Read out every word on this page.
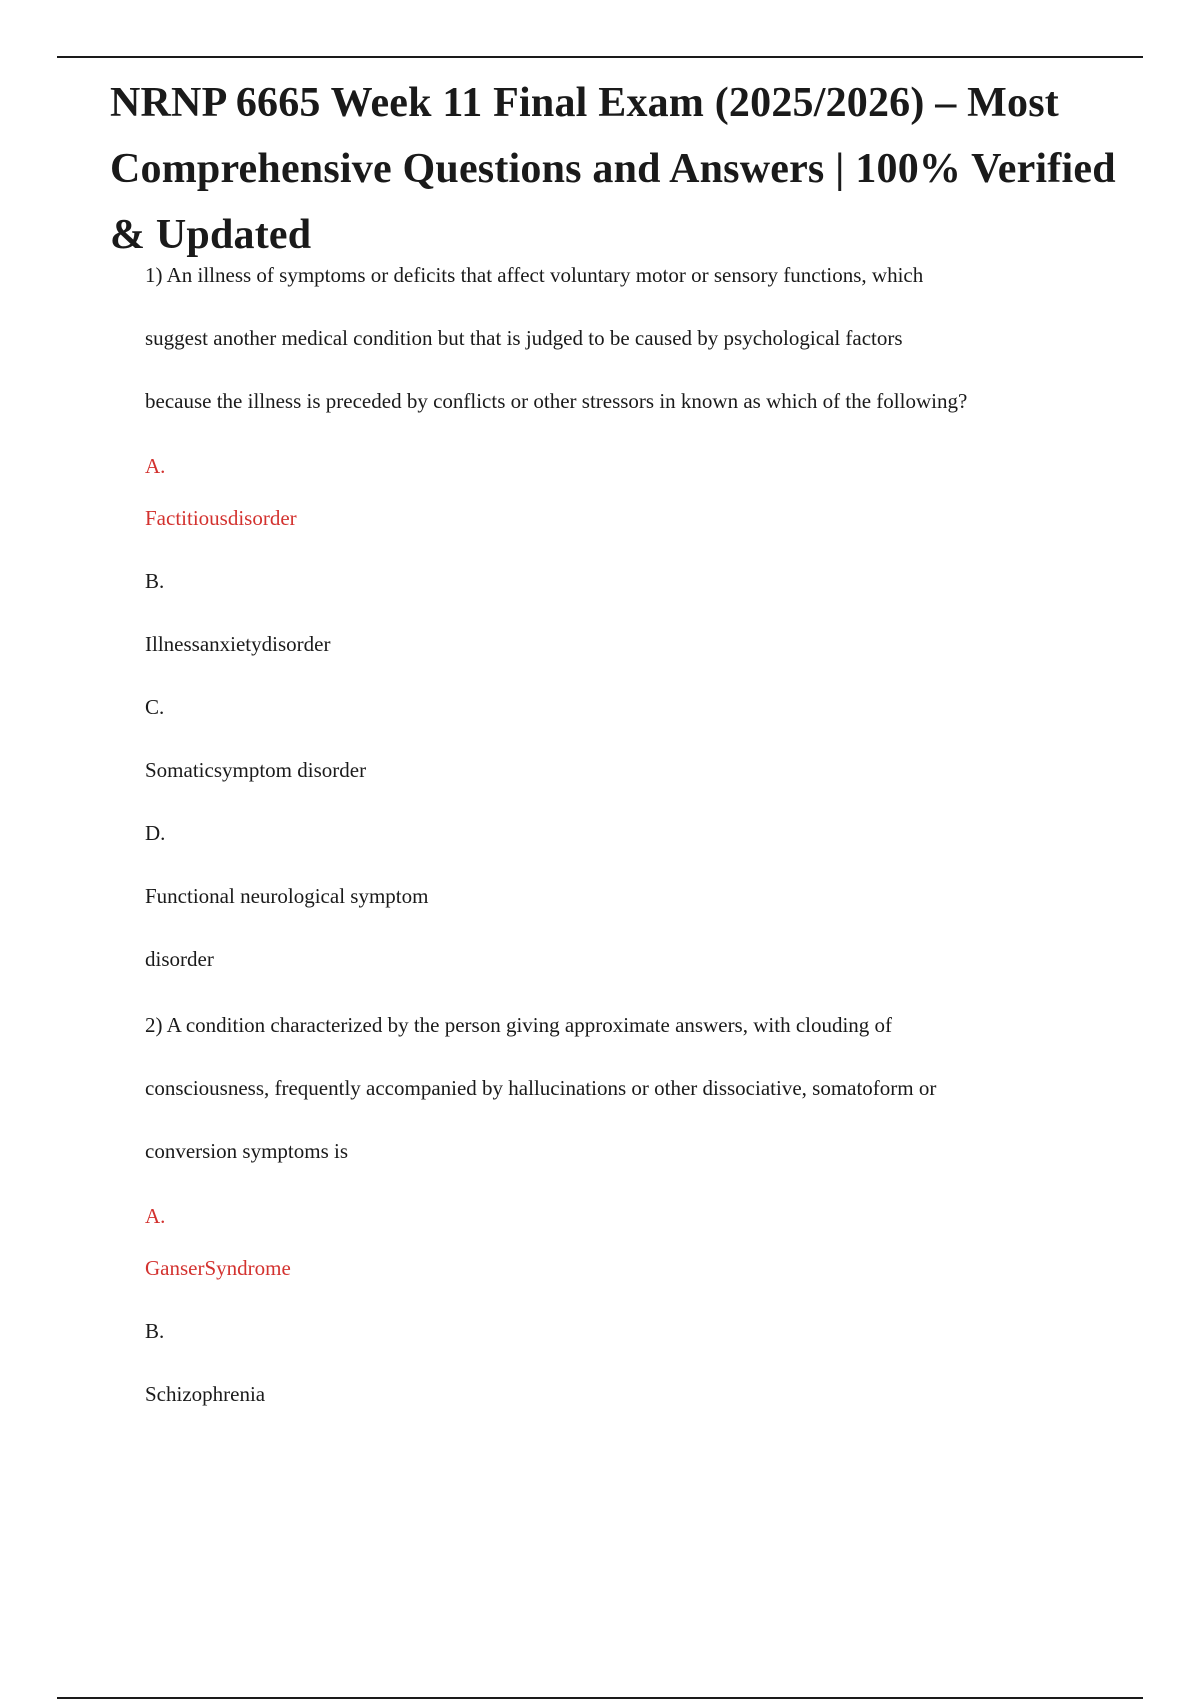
NRNP 6665 Week 11 Final Exam (2025/2026) – Most Comprehensive Questions and Answers | 100% Verified & Updated

1) An illness of symptoms or deficits that affect voluntary motor or sensory functions, which

suggest another medical condition but that is judged to be caused by psychological factors

because the illness is preceded by conflicts or other stressors in known as which of the following?

A.

Factitiousdisorder

B.

Illnessanxietydisorder

C.

Somaticsymptom disorder

D.

Functional neurological symptom

disorder

2) A condition characterized by the person giving approximate answers, with clouding of

consciousness, frequently accompanied by hallucinations or other dissociative, somatoform or

conversion symptoms is

A.

GanserSyndrome

B.

Schizophrenia
